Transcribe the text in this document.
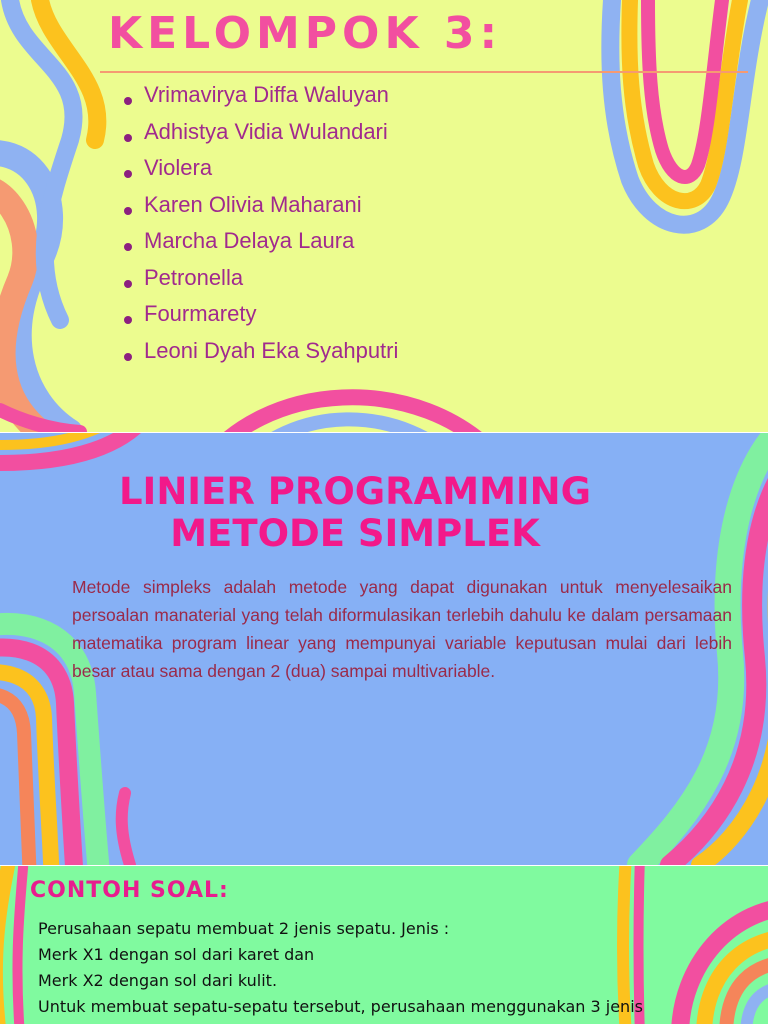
KELOMPOK 3:
Vrimavirya Diffa Waluyan
Adhistya Vidia Wulandari
Violera
Karen Olivia Maharani
Marcha Delaya Laura
Petronella
Fourmarety
Leoni Dyah Eka Syahputri
LINIER PROGRAMMING
METODE SIMPLEK

Metode simpleks adalah metode yang dapat digunakan untuk menyelesaikan persoalan manaterial yang telah diformulasikan terlebih dahulu ke dalam persamaan matematika program linear yang mempunyai variable keputusan mulai dari lebih besar atau sama dengan 2 (dua) sampai multivariable.

CONTOH SOAL:
Perusahaan sepatu membuat 2 jenis sepatu. Jenis :
Merk X1 dengan sol dari karet dan
Merk X2 dengan sol dari kulit.
Untuk membuat sepatu-sepatu tersebut, perusahaan menggunakan 3 jenis
